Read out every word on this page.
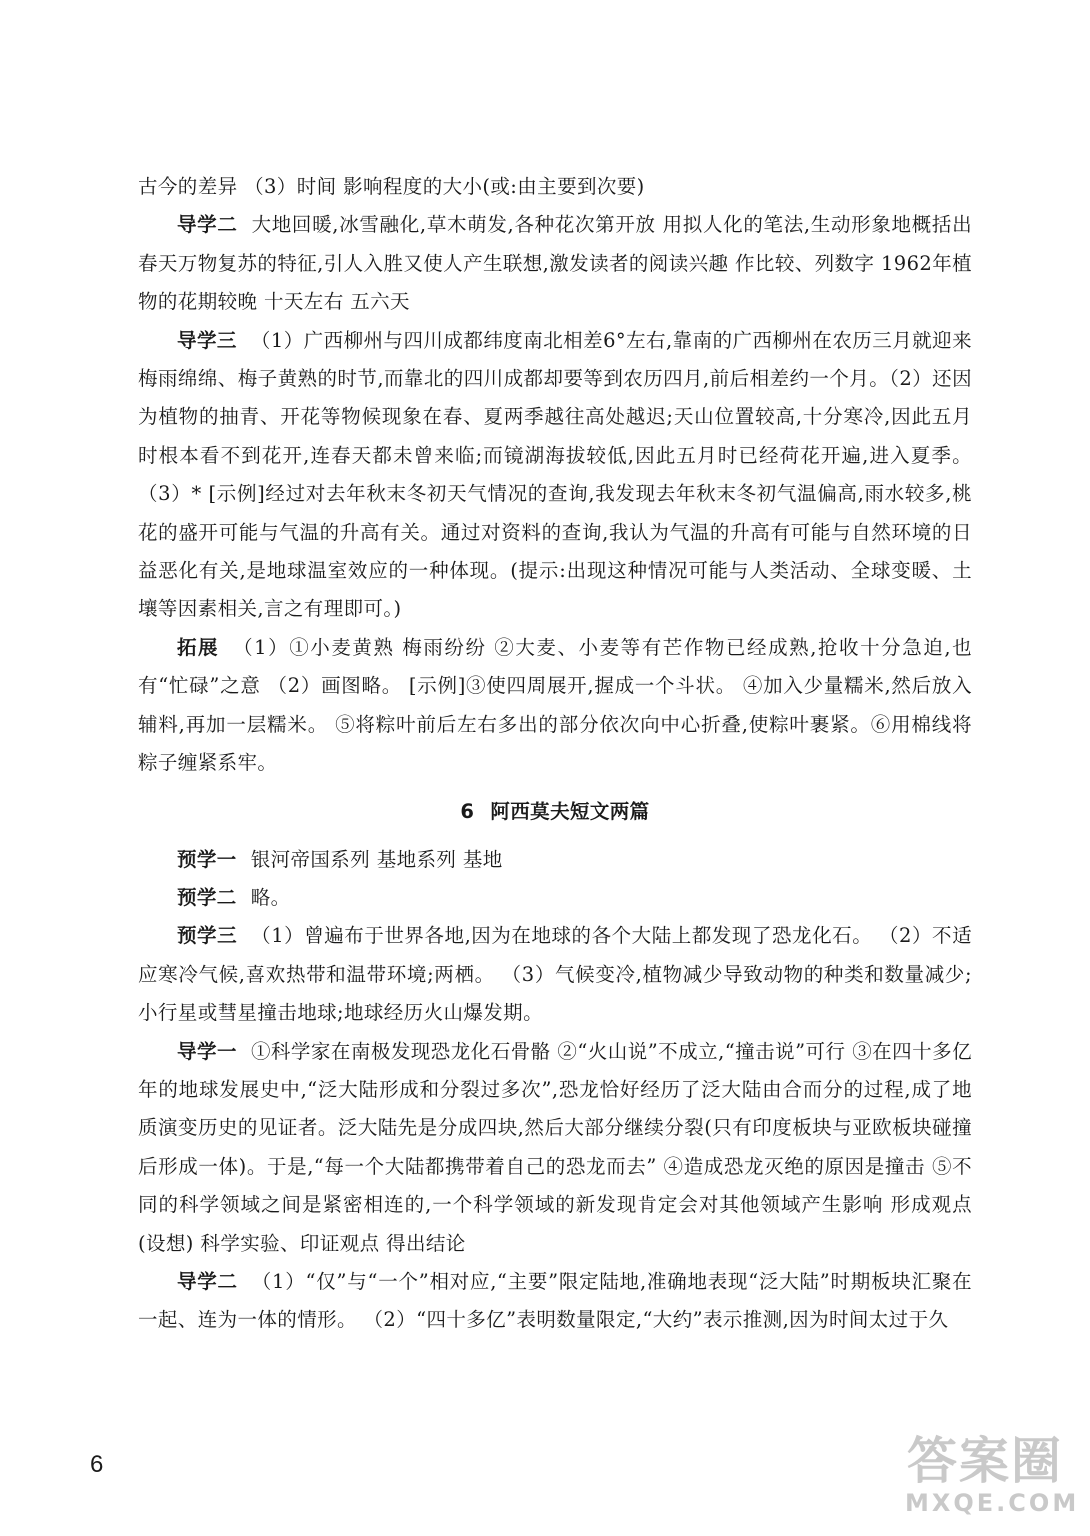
古今的差异 （3）时间 影响程度的大小(或:由主要到次要)

导学二 大地回暖,冰雪融化,草木萌发,各种花次第开放 用拟人化的笔法,生动形象地概括出春天万物复苏的特征,引人入胜又使人产生联想,激发读者的阅读兴趣 作比较、列数字 1962年植物的花期较晚 十天左右 五六天

导学三 （1）广西柳州与四川成都纬度南北相差6°左右,靠南的广西柳州在农历三月就迎来梅雨绵绵、梅子黄熟的时节,而靠北的四川成都却要等到农历四月,前后相差约一个月。（2）还因为植物的抽青、开花等物候现象在春、夏两季越往高处越迟;天山位置较高,十分寒冷,因此五月时根本看不到花开,连春天都未曾来临;而镜湖海拔较低,因此五月时已经荷花开遍,进入夏季。 （3）* [示例]经过对去年秋末冬初天气情况的查询,我发现去年秋末冬初气温偏高,雨水较多,桃花的盛开可能与气温的升高有关。通过对资料的查询,我认为气温的升高有可能与自然环境的日益恶化有关,是地球温室效应的一种体现。(提示:出现这种情况可能与人类活动、全球变暖、土壤等因素相关,言之有理即可。)

拓展 （1）①小麦黄熟 梅雨纷纷 ②大麦、小麦等有芒作物已经成熟,抢收十分急迫,也有“忙碌”之意 （2）画图略。 [示例]③使四周展开,握成一个斗状。 ④加入少量糯米,然后放入辅料,再加一层糯米。 ⑤将粽叶前后左右多出的部分依次向中心折叠,使粽叶裹紧。⑥用棉线将粽子缠紧系牢。

6 阿西莫夫短文两篇

预学一 银河帝国系列 基地系列 基地

预学二 略。

预学三 （1）曾遍布于世界各地,因为在地球的各个大陆上都发现了恐龙化石。 （2）不适应寒冷气候,喜欢热带和温带环境;两栖。 （3）气候变冷,植物减少导致动物的种类和数量减少;小行星或彗星撞击地球;地球经历火山爆发期。

导学一 ①科学家在南极发现恐龙化石骨骼 ②“火山说”不成立,“撞击说”可行 ③在四十多亿年的地球发展史中,“泛大陆形成和分裂过多次”,恐龙恰好经历了泛大陆由合而分的过程,成了地质演变历史的见证者。泛大陆先是分成四块,然后大部分继续分裂(只有印度板块与亚欧板块碰撞后形成一体)。于是,“每一个大陆都携带着自己的恐龙而去” ④造成恐龙灭绝的原因是撞击 ⑤不同的科学领域之间是紧密相连的,一个科学领域的新发现肯定会对其他领域产生影响 形成观点(设想) 科学实验、印证观点 得出结论

导学二 （1）“仅”与“一个”相对应,“主要”限定陆地,准确地表现“泛大陆”时期板块汇聚在一起、连为一体的情形。 （2）“四十多亿”表明数量限定,“大约”表示推测,因为时间太过于久

6	答案圈
MXQE.COM
